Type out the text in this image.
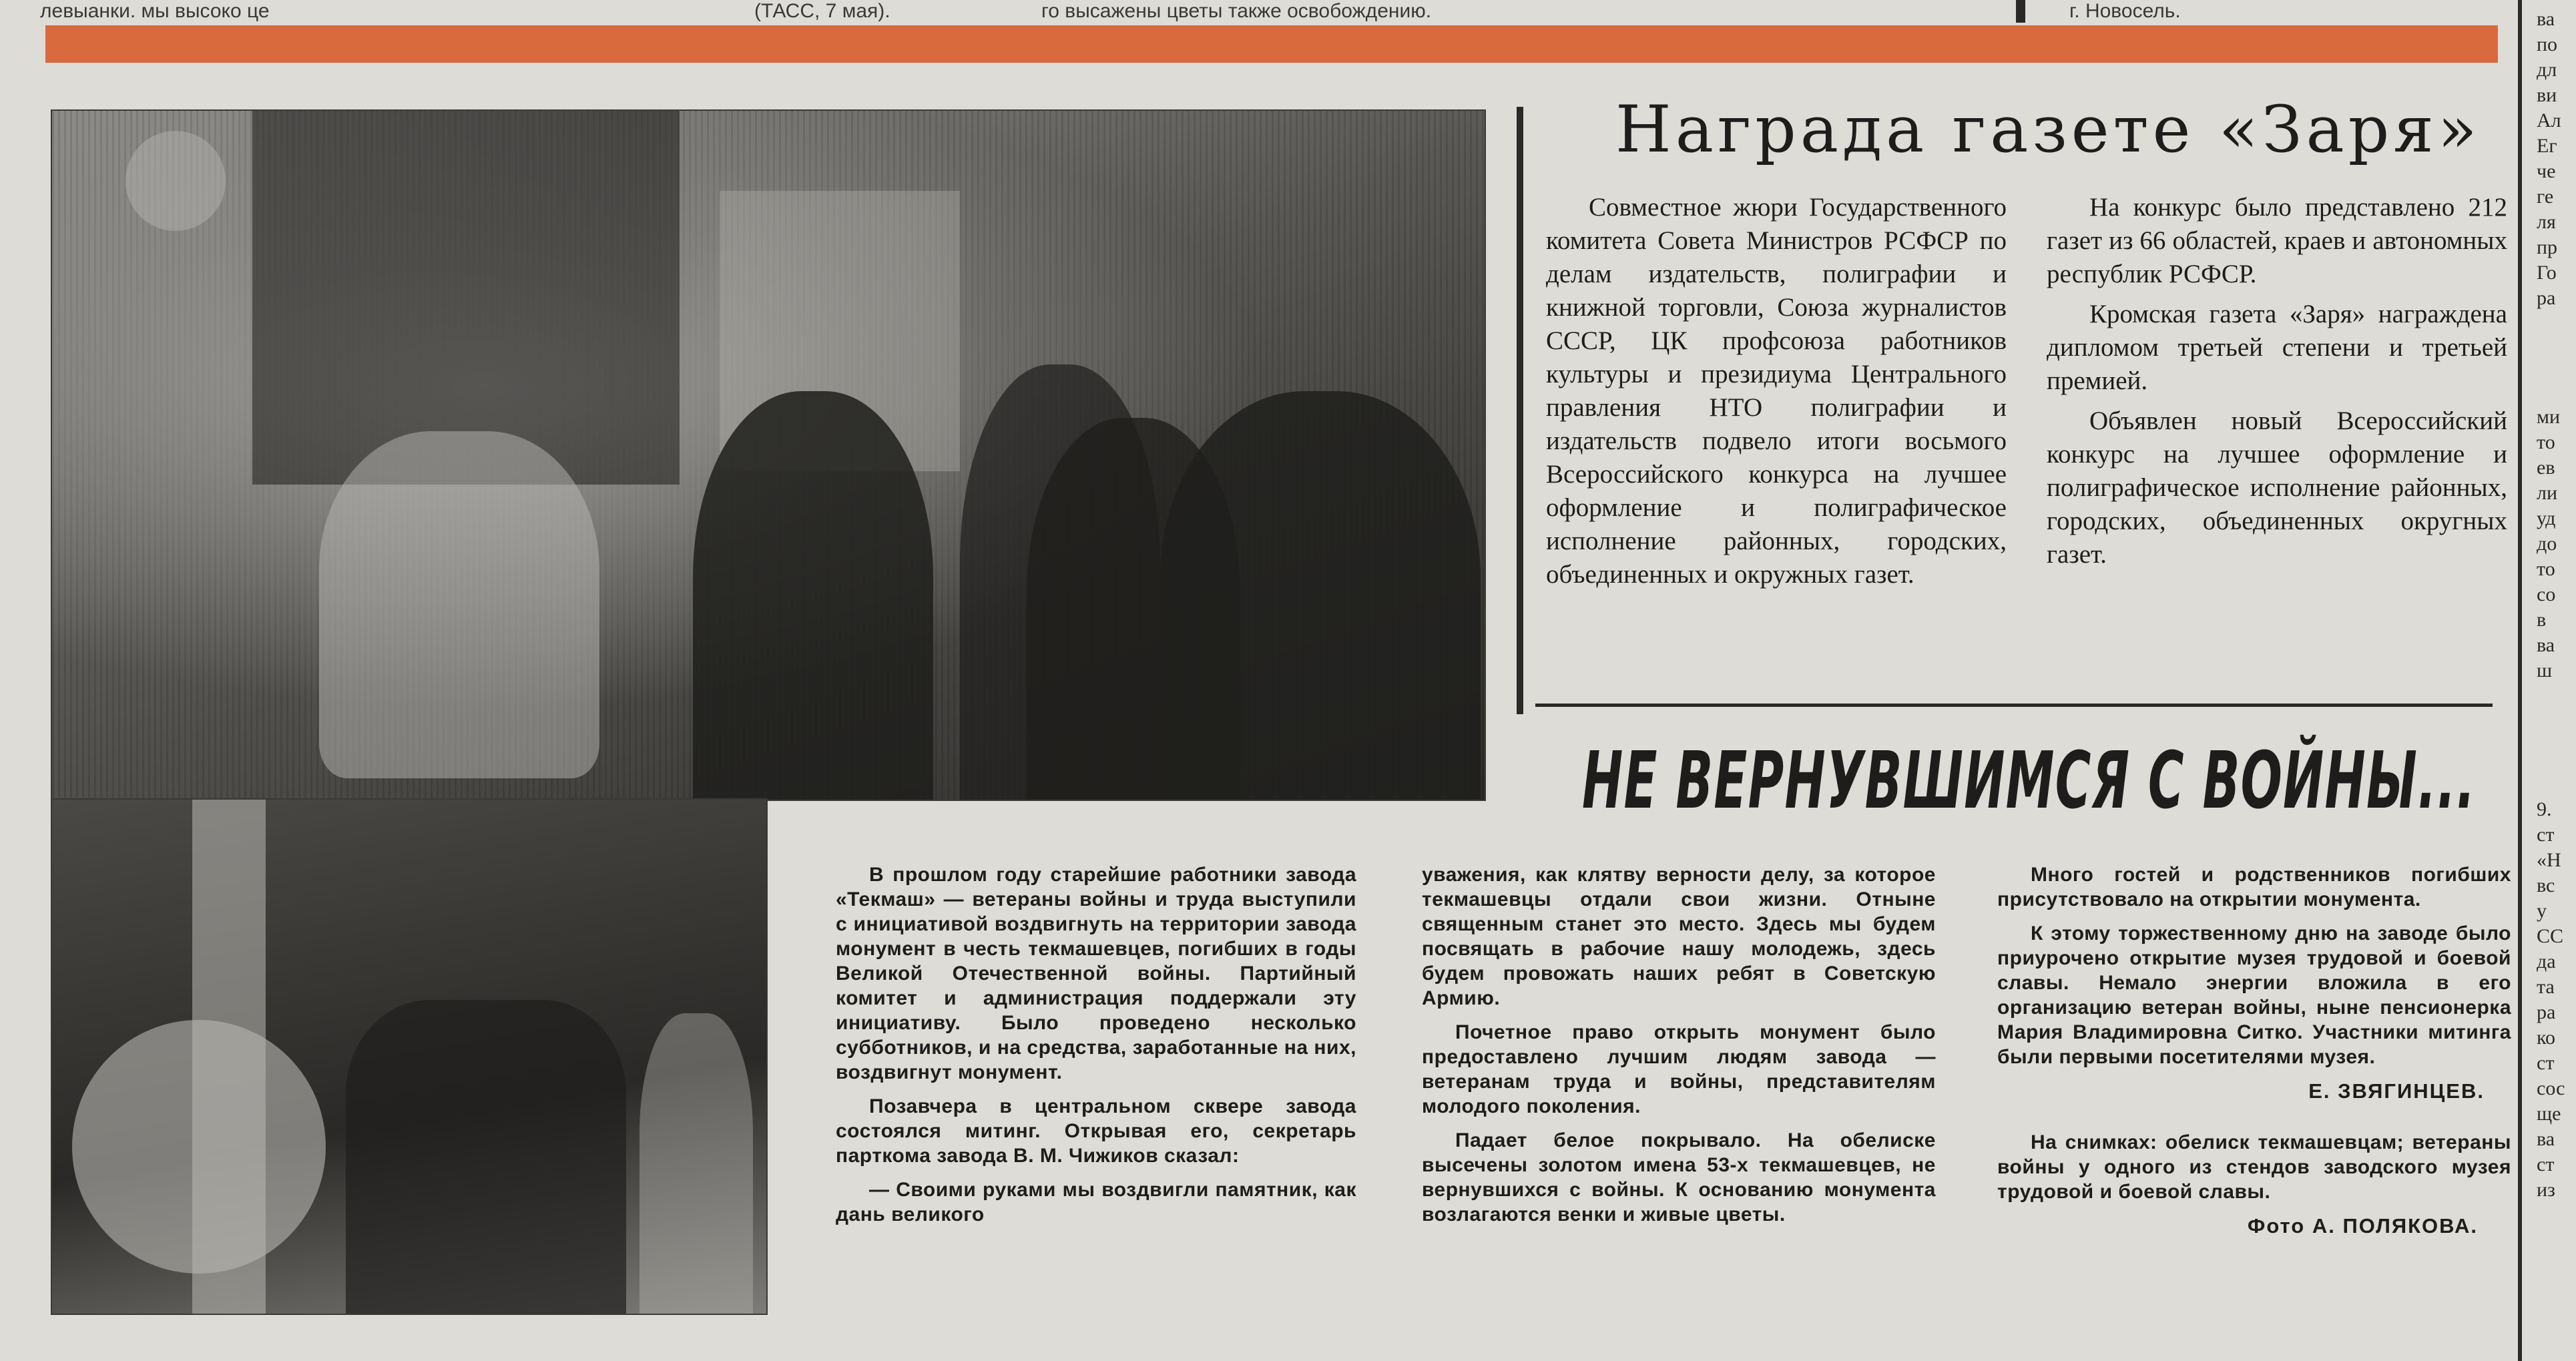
левыанки. мы высоко це	(ТАСС, 7 мая).	го высажены цветы также освобождению.	г. Новосель.	ва
по
дл
ви
Ал
Ег
че
ге
ля
пр
Го
ра
ми
то
ев
ли
уд
до
то
со
в
ва
ш
9.
ст
«Н
вс
у
СС
да
та
ра
ко
ст
сос
ще
ва
ст
из
Награда газете «Заря»

Совместное жюри Государственного комитета Совета Министров РСФСР по делам издательств, полиграфии и книжной торговли, Союза журналистов СССР, ЦК профсоюза работников культуры и президиума Центрального правления НТО полиграфии и издательств подвело итоги восьмого Всероссийского конкурса на лучшее оформление и полиграфическое исполнение районных, городских, объединенных и окружных газет.

На конкурс было представлено 212 газет из 66 областей, краев и автономных республик РСФСР.

Кромская газета «Заря» награждена дипломом третьей степени и третьей премией.

Объявлен новый Всероссийский конкурс на лучшее оформление и полиграфическое исполнение районных, городских, объединенных округных газет.

НЕ ВЕРНУВШИМСЯ С ВОЙНЫ...

В прошлом году старейшие работники завода «Текмаш» — ветераны войны и труда выступили с инициативой воздвигнуть на территории завода монумент в честь текмашевцев, погибших в годы Великой Отечественной войны. Партийный комитет и администрация поддержали эту инициативу. Было проведено несколько субботников, и на средства, заработанные на них, воздвигнут монумент.

Позавчера в центральном сквере завода состоялся митинг. Открывая его, секретарь парткома завода В. М. Чижиков сказал:

— Своими руками мы воздвигли памятник, как дань великого

уважения, как клятву верности делу, за которое текмашевцы отдали свои жизни. Отныне священным станет это место. Здесь мы будем посвящать в рабочие нашу молодежь, здесь будем провожать наших ребят в Советскую Армию.

Почетное право открыть монумент было предоставлено лучшим людям завода — ветеранам труда и войны, представителям молодого поколения.

Падает белое покрывало. На обелиске высечены золотом имена 53-х текмашевцев, не вернувшихся с войны. К основанию монумента возлагаются венки и живые цветы.

Много гостей и родственников погибших присутствовало на открытии монумента.

К этому торжественному дню на заводе было приурочено открытие музея трудовой и боевой славы. Немало энергии вложила в его организацию ветеран войны, ныне пенсионерка Мария Владимировна Ситко. Участники митинга были первыми посетителями музея.

Е. ЗВЯГИНЦЕВ.

На снимках: обелиск текмашевцам; ветераны войны у одного из стендов заводского музея трудовой и боевой славы.

Фото А. ПОЛЯКОВА.
